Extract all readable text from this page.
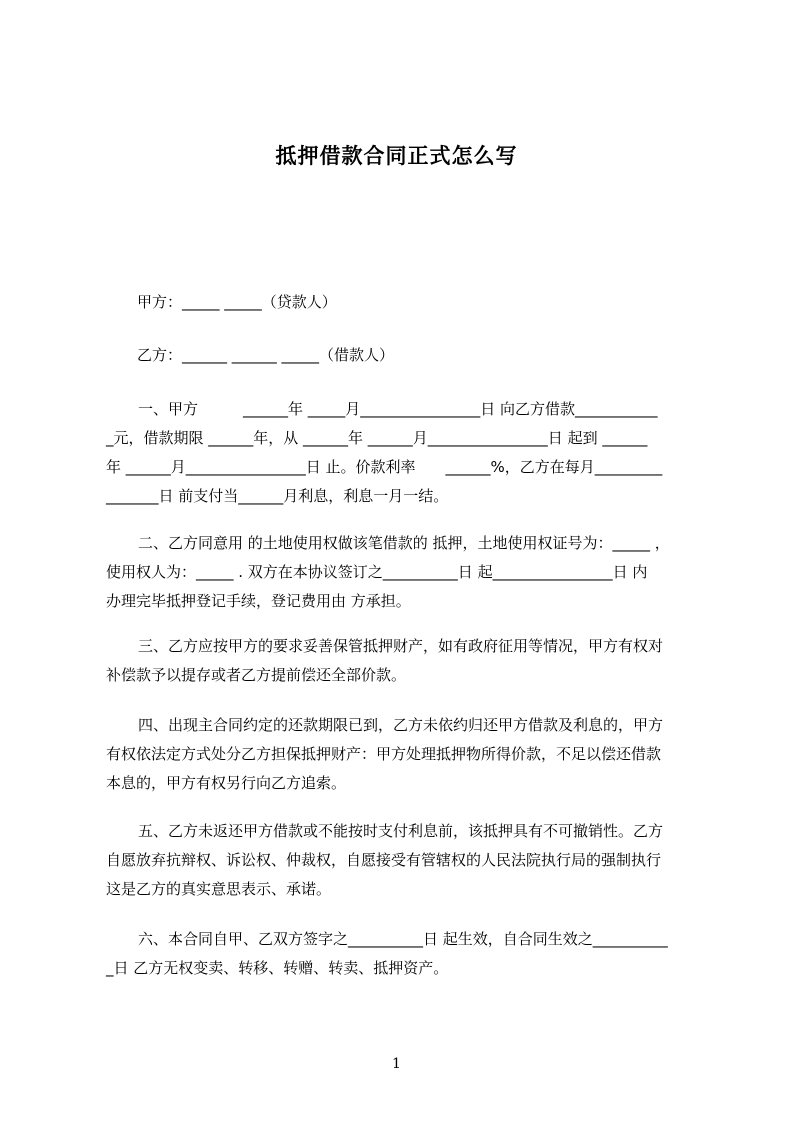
抵押借款合同正式怎么写
甲方：_____ _____（贷款人）
乙方：______ ______ _____（借款人）
一、甲方　　　______年 _____月________________日 向乙方借款___________
_元，借款期限 ______年，从 ______年 ______月________________日 起到 ______
年 ______月________________日 止。价款利率　　______%，乙方在每月_________
_______日 前支付当______月利息，利息一月一结。
二、乙方同意用 的土地使用权做该笔借款的 抵押，土地使用权证号为：_____ ，
使用权人为：_____ . 双方在本协议签订之__________日 起________________日 内
办理完毕抵押登记手续，登记费用由 方承担。
三、乙方应按甲方的要求妥善保管抵押财产，如有政府征用等情况，甲方有权对
补偿款予以提存或者乙方提前偿还全部价款。
四、出现主合同约定的还款期限已到，乙方未依约归还甲方借款及利息的，甲方
有权依法定方式处分乙方担保抵押财产：甲方处理抵押物所得价款，不足以偿还借款
本息的，甲方有权另行向乙方追索。
五、乙方未返还甲方借款或不能按时支付利息前，该抵押具有不可撤销性。乙方
自愿放弃抗辩权、诉讼权、仲裁权，自愿接受有管辖权的人民法院执行局的强制执行
这是乙方的真实意思表示、承诺。
六、本合同自甲、乙双方签字之__________日 起生效，自合同生效之__________
_日 乙方无权变卖、转移、转赠、转卖、抵押资产。
1
